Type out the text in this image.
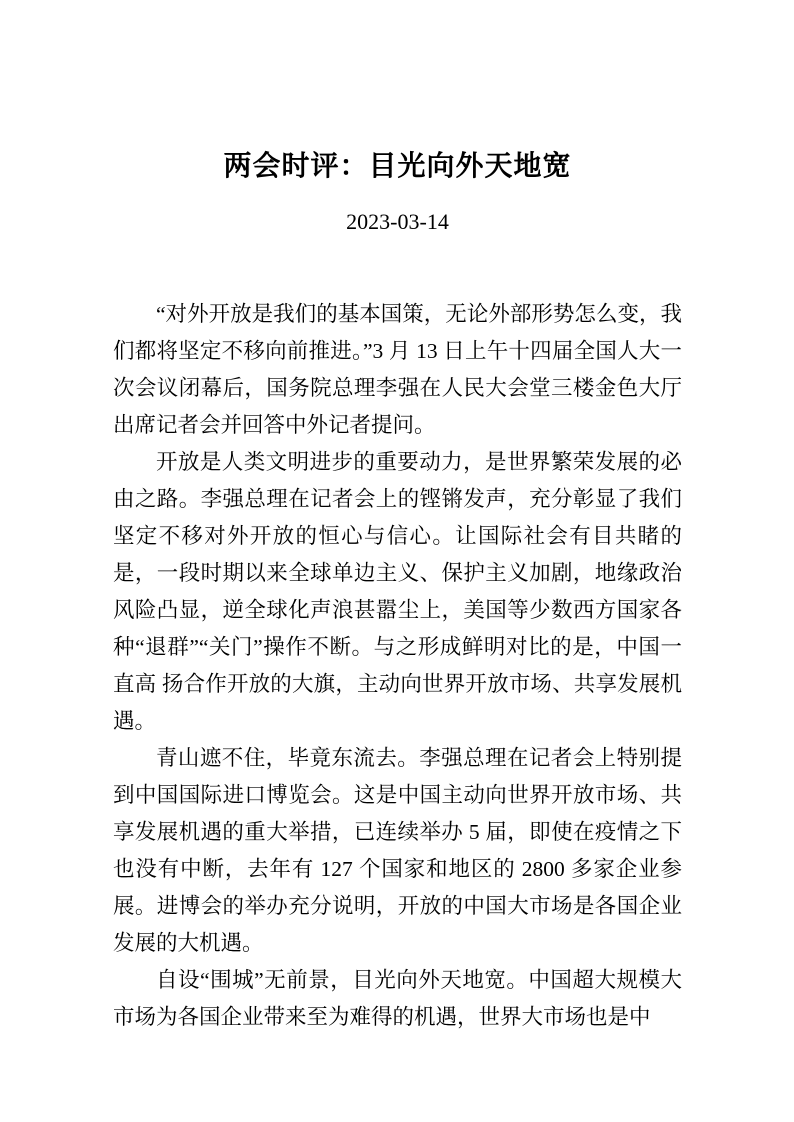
两会时评：目光向外天地宽
2023-03-14

“对外开放是我们的基本国策，无论外部形势怎么变，我们都将坚定不移向前推进。”3 月 13 日上午十四届全国人大一次会议闭幕后，国务院总理李强在人民大会堂三楼金色大厅出席记者会并回答中外记者提问。

开放是人类文明进步的重要动力，是世界繁荣发展的必由之路。李强总理在记者会上的铿锵发声，充分彰显了我们坚定不移对外开放的恒心与信心。让国际社会有目共睹的是，一段时期以来全球单边主义、保护主义加剧，地缘政治风险凸显，逆全球化声浪甚嚣尘上，美国等少数西方国家各种“退群”“关门”操作不断。与之形成鲜明对比的是，中国一直高 扬合作开放的大旗，主动向世界开放市场、共享发展机遇。

青山遮不住，毕竟东流去。李强总理在记者会上特别提到中国国际进口博览会。这是中国主动向世界开放市场、共享发展机遇的重大举措，已连续举办 5 届，即使在疫情之下也没有中断，去年有 127 个国家和地区的 2800 多家企业参展。进博会的举办充分说明，开放的中国大市场是各国企业发展的大机遇。

自设“围城”无前景，目光向外天地宽。中国超大规模大市场为各国企业带来至为难得的机遇，世界大市场也是中
